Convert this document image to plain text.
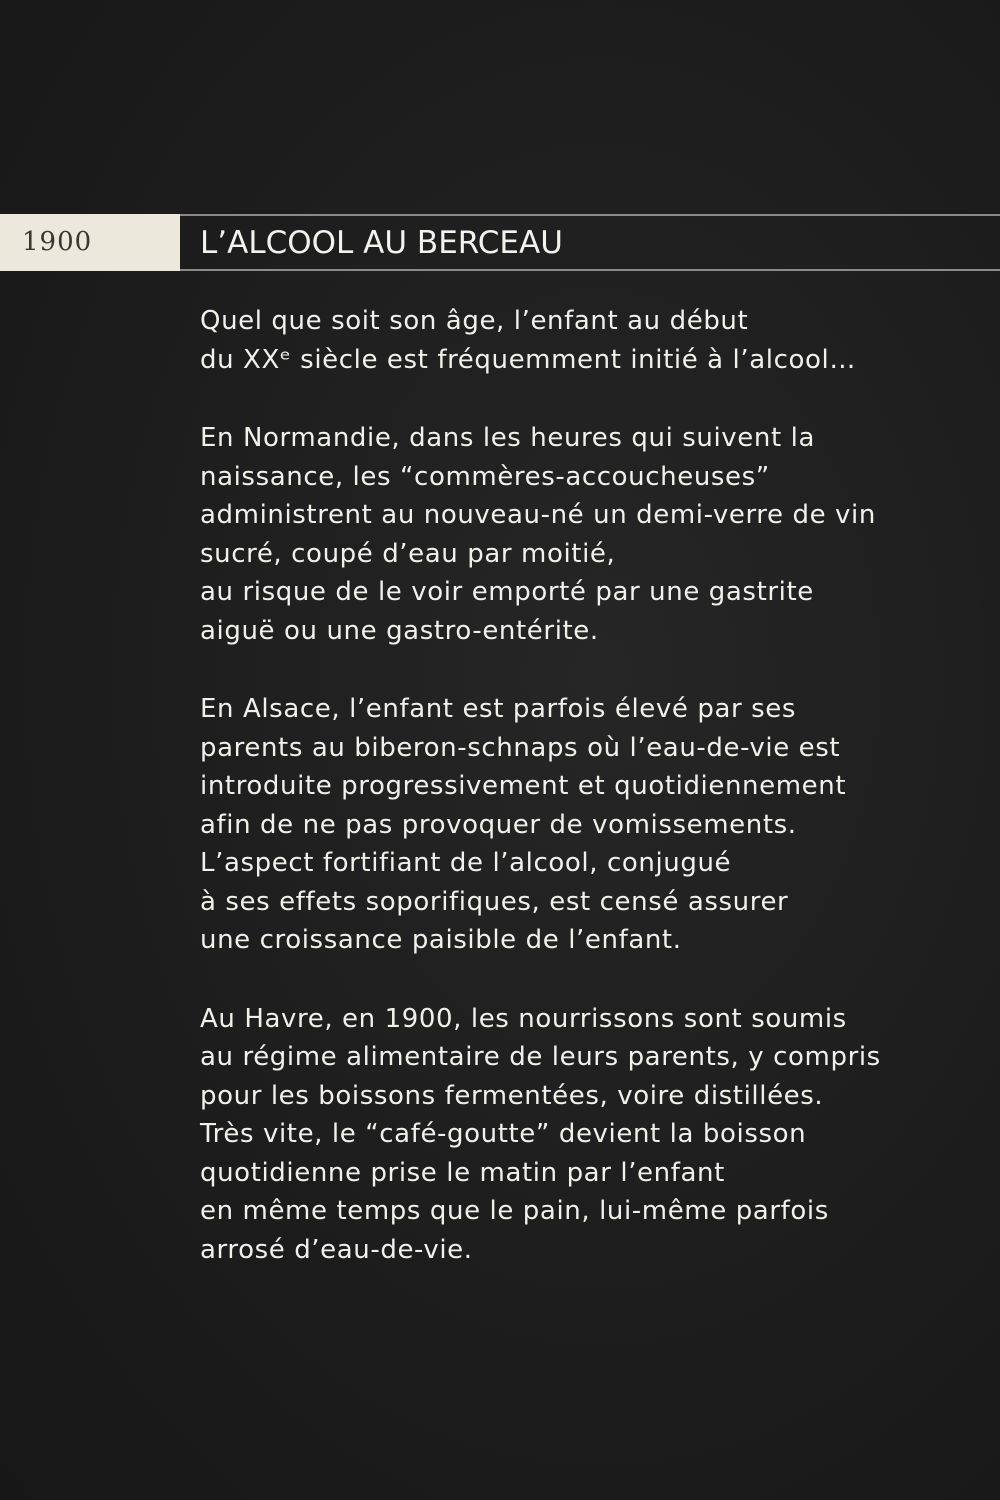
1900	L’ALCOOL AU BERCEAU

Quel que soit son âge, l’enfant au début
du XXᵉ siècle est fréquemment initié à l’alcool…

En Normandie, dans les heures qui suivent la
naissance, les “commères-accoucheuses”
administrent au nouveau-né un demi-verre de vin
sucré, coupé d’eau par moitié,
au risque de le voir emporté par une gastrite
aiguë ou une gastro-entérite.

En Alsace, l’enfant est parfois élevé par ses
parents au biberon-schnaps où l’eau-de-vie est
introduite progressivement et quotidiennement
afin de ne pas provoquer de vomissements.
L’aspect fortifiant de l’alcool, conjugué
à ses effets soporifiques, est censé assurer
une croissance paisible de l’enfant.

Au Havre, en 1900, les nourrissons sont soumis
au régime alimentaire de leurs parents, y compris
pour les boissons fermentées, voire distillées.
Très vite, le “café-goutte” devient la boisson
quotidienne prise le matin par l’enfant
en même temps que le pain, lui-même parfois
arrosé d’eau-de-vie.
